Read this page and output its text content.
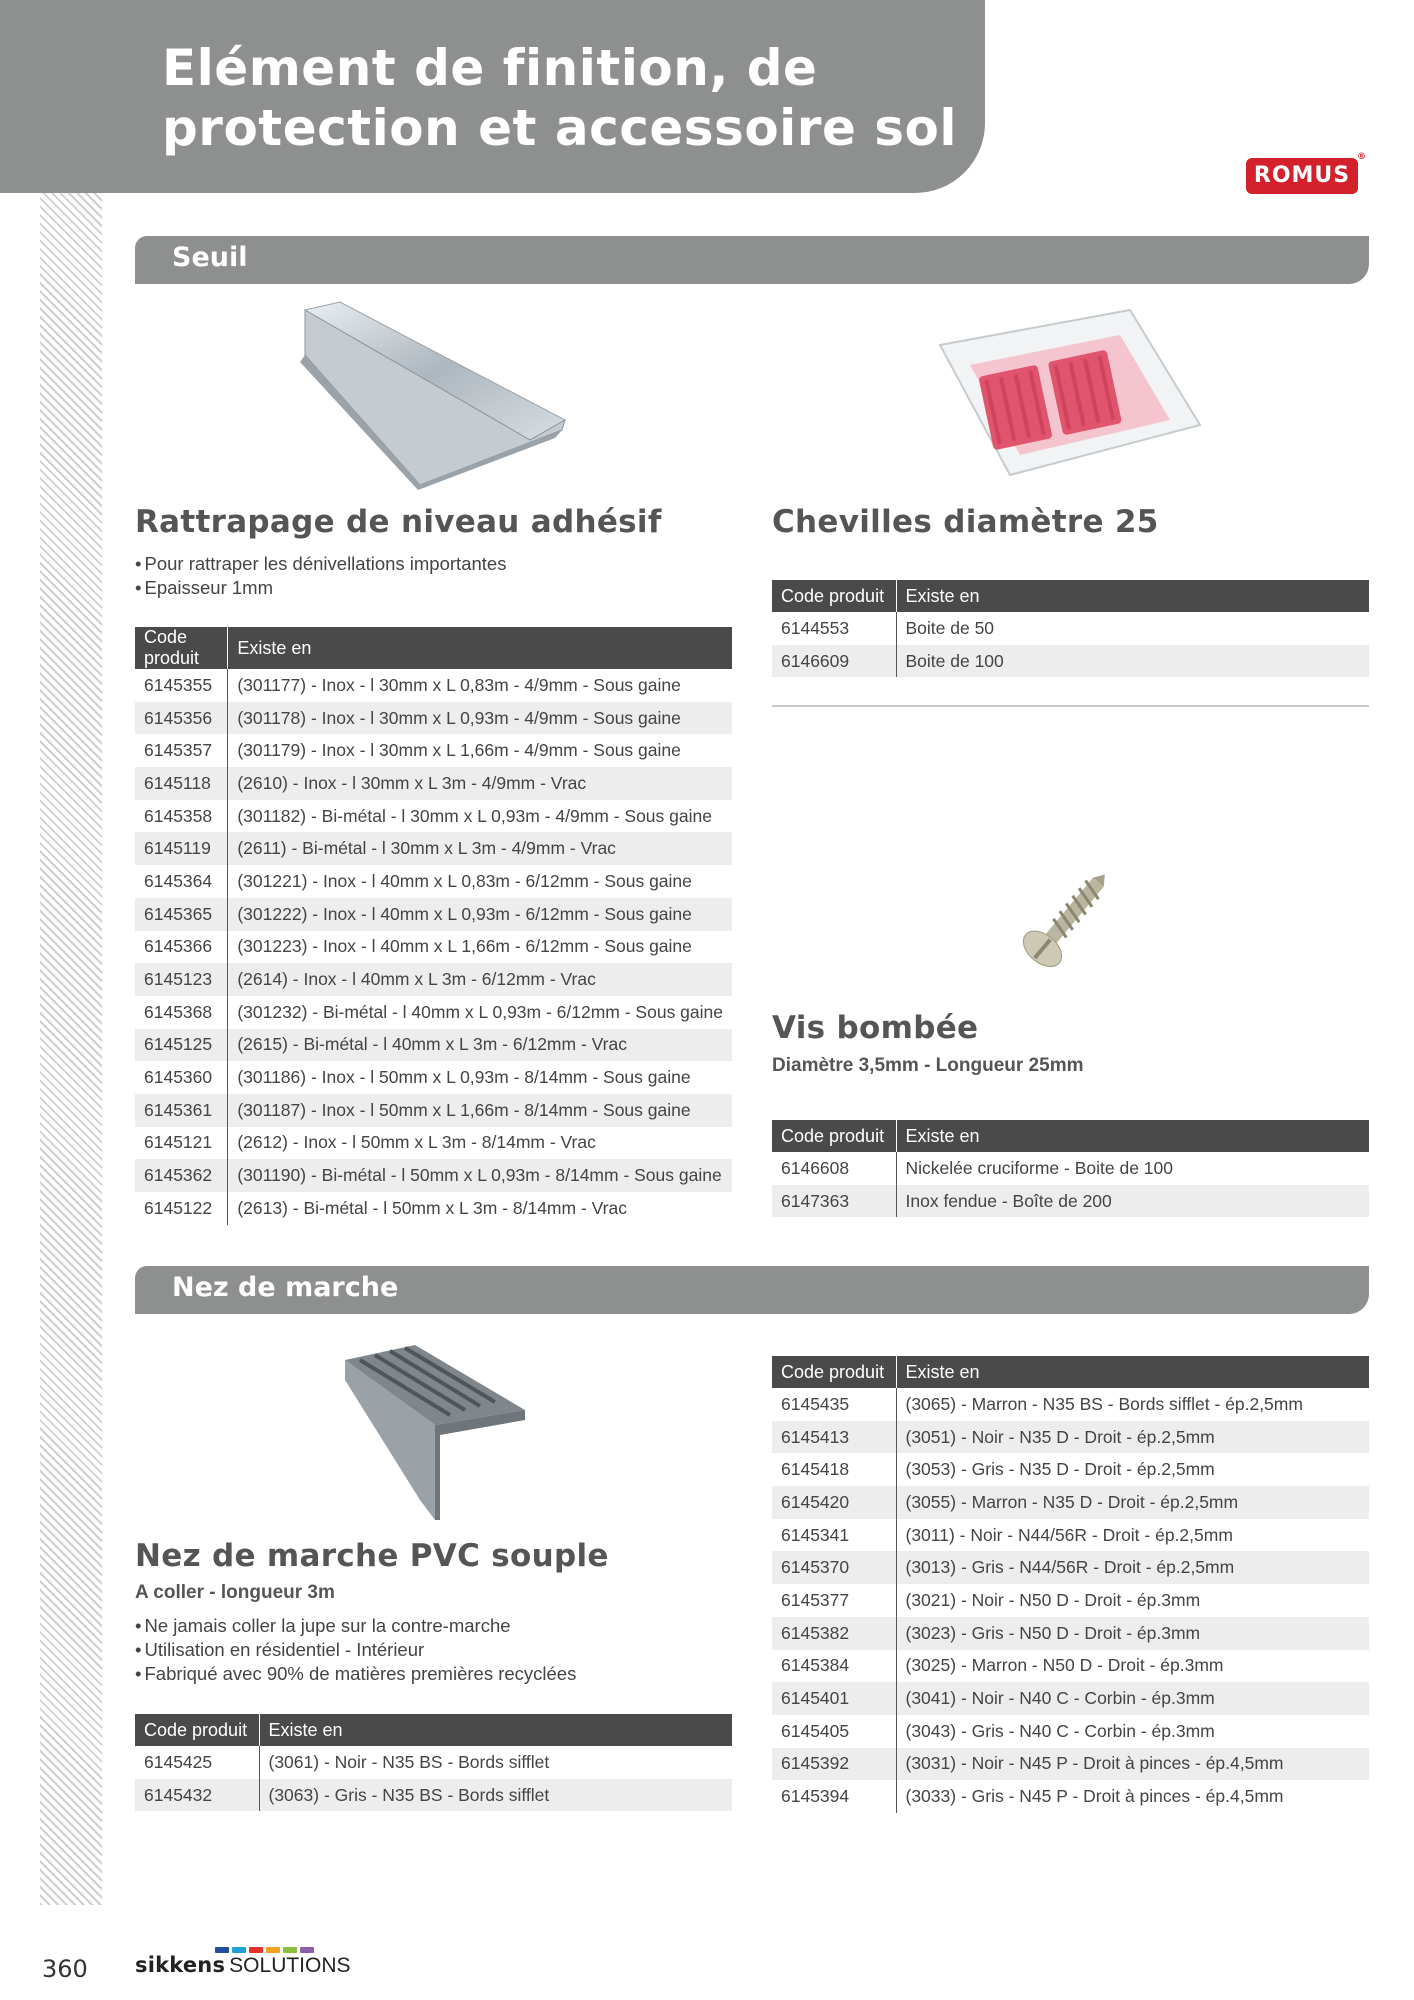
Elément de finition, de protection et accessoire sol
ROMUS
®
Seuil
Rattrapage de niveau adhésif
• Pour rattraper les dénivellations importantes
• Epaisseur 1mm
Code produit	Existe en
6145355	(301177) - Inox - l 30mm x L 0,83m - 4/9mm - Sous gaine
6145356	(301178) - Inox - l 30mm x L 0,93m - 4/9mm - Sous gaine
6145357	(301179) - Inox - l 30mm x L 1,66m - 4/9mm - Sous gaine
6145118	(2610) - Inox - l 30mm x L 3m - 4/9mm - Vrac
6145358	(301182) - Bi-métal - l 30mm x L 0,93m - 4/9mm - Sous gaine
6145119	(2611) - Bi-métal - l 30mm x L 3m - 4/9mm - Vrac
6145364	(301221) - Inox - l 40mm x L 0,83m - 6/12mm - Sous gaine
6145365	(301222) - Inox - l 40mm x L 0,93m - 6/12mm - Sous gaine
6145366	(301223) - Inox - l 40mm x L 1,66m - 6/12mm - Sous gaine
6145123	(2614) - Inox - l 40mm x L 3m - 6/12mm - Vrac
6145368	(301232) - Bi-métal - l 40mm x L 0,93m - 6/12mm - Sous gaine
6145125	(2615) - Bi-métal - l 40mm x L 3m - 6/12mm - Vrac
6145360	(301186) - Inox - l 50mm x L 0,93m - 8/14mm - Sous gaine
6145361	(301187) - Inox - l 50mm x L 1,66m - 8/14mm - Sous gaine
6145121	(2612) - Inox - l 50mm x L 3m - 8/14mm - Vrac
6145362	(301190) - Bi-métal - l 50mm x L 0,93m - 8/14mm - Sous gaine
6145122	(2613) - Bi-métal - l 50mm x L 3m - 8/14mm - Vrac
Chevilles diamètre 25
Code produit	Existe en
6144553	Boite de 50
6146609	Boite de 100
Vis bombée
Diamètre 3,5mm - Longueur 25mm
Code produit	Existe en
6146608	Nickelée cruciforme - Boite de 100
6147363	Inox fendue - Boîte de 200
Nez de marche
Nez de marche PVC souple
A coller - longueur 3m
• Ne jamais coller la jupe sur la contre-marche
• Utilisation en résidentiel - Intérieur
• Fabriqué avec 90% de matières premières recyclées
Code produit	Existe en
6145425	(3061) - Noir - N35 BS - Bords sifflet
6145432	(3063) - Gris - N35 BS - Bords sifflet
Code produit	Existe en
6145435	(3065) - Marron - N35 BS - Bords sifflet - ép.2,5mm
6145413	(3051) - Noir - N35 D - Droit - ép.2,5mm
6145418	(3053) - Gris - N35 D - Droit - ép.2,5mm
6145420	(3055) - Marron - N35 D - Droit - ép.2,5mm
6145341	(3011) - Noir - N44/56R - Droit - ép.2,5mm
6145370	(3013) - Gris - N44/56R - Droit - ép.2,5mm
6145377	(3021) - Noir - N50 D - Droit - ép.3mm
6145382	(3023) - Gris - N50 D - Droit - ép.3mm
6145384	(3025) - Marron - N50 D - Droit - ép.3mm
6145401	(3041) - Noir - N40 C - Corbin - ép.3mm
6145405	(3043) - Gris - N40 C - Corbin - ép.3mm
6145392	(3031) - Noir - N45 P - Droit à pinces - ép.4,5mm
6145394	(3033) - Gris - N45 P - Droit à pinces - ép.4,5mm
360 sikkens SOLUTIONS
